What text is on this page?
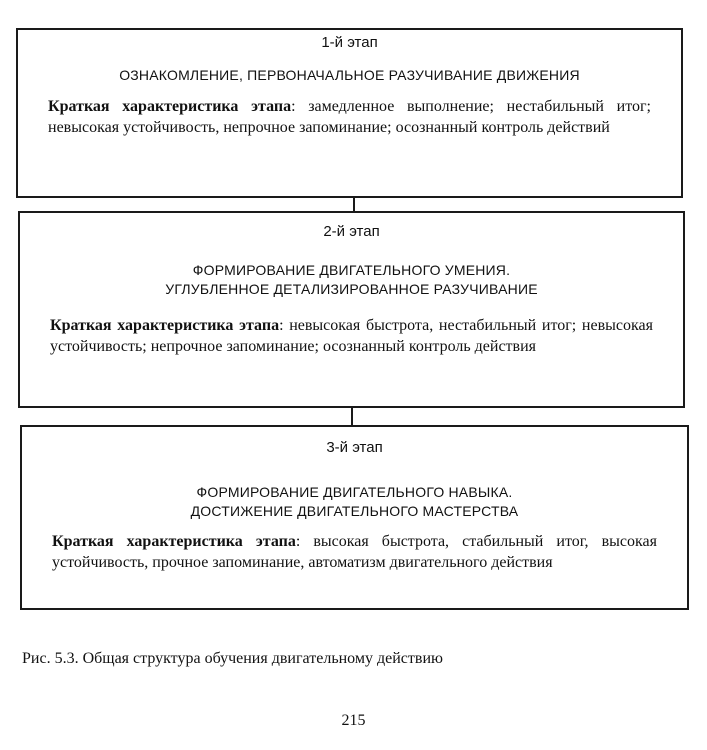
1-й этап
ОЗНАКОМЛЕНИЕ, ПЕРВОНАЧАЛЬНОЕ РАЗУЧИВАНИЕ ДВИЖЕНИЯ
Краткая характеристика этапа: замедленное выполнение; нестабильный итог; невысокая устойчивость, непрочное запоминание; осознанный контроль действий
2-й этап
ФОРМИРОВАНИЕ ДВИГАТЕЛЬНОГО УМЕНИЯ.
УГЛУБЛЕННОЕ ДЕТАЛИЗИРОВАННОЕ РАЗУЧИВАНИЕ
Краткая характеристика этапа: невысокая быстрота, нестабильный итог; невысокая устойчивость; непрочное запоминание; осознанный контроль действия
3-й этап
ФОРМИРОВАНИЕ ДВИГАТЕЛЬНОГО НАВЫКА.
ДОСТИЖЕНИЕ ДВИГАТЕЛЬНОГО МАСТЕРСТВА
Краткая характеристика этапа: высокая быстрота, стабильный итог, высокая устойчивость, прочное запоминание, автоматизм двигательного действия
Рис. 5.3. Общая структура обучения двигательному действию
215
